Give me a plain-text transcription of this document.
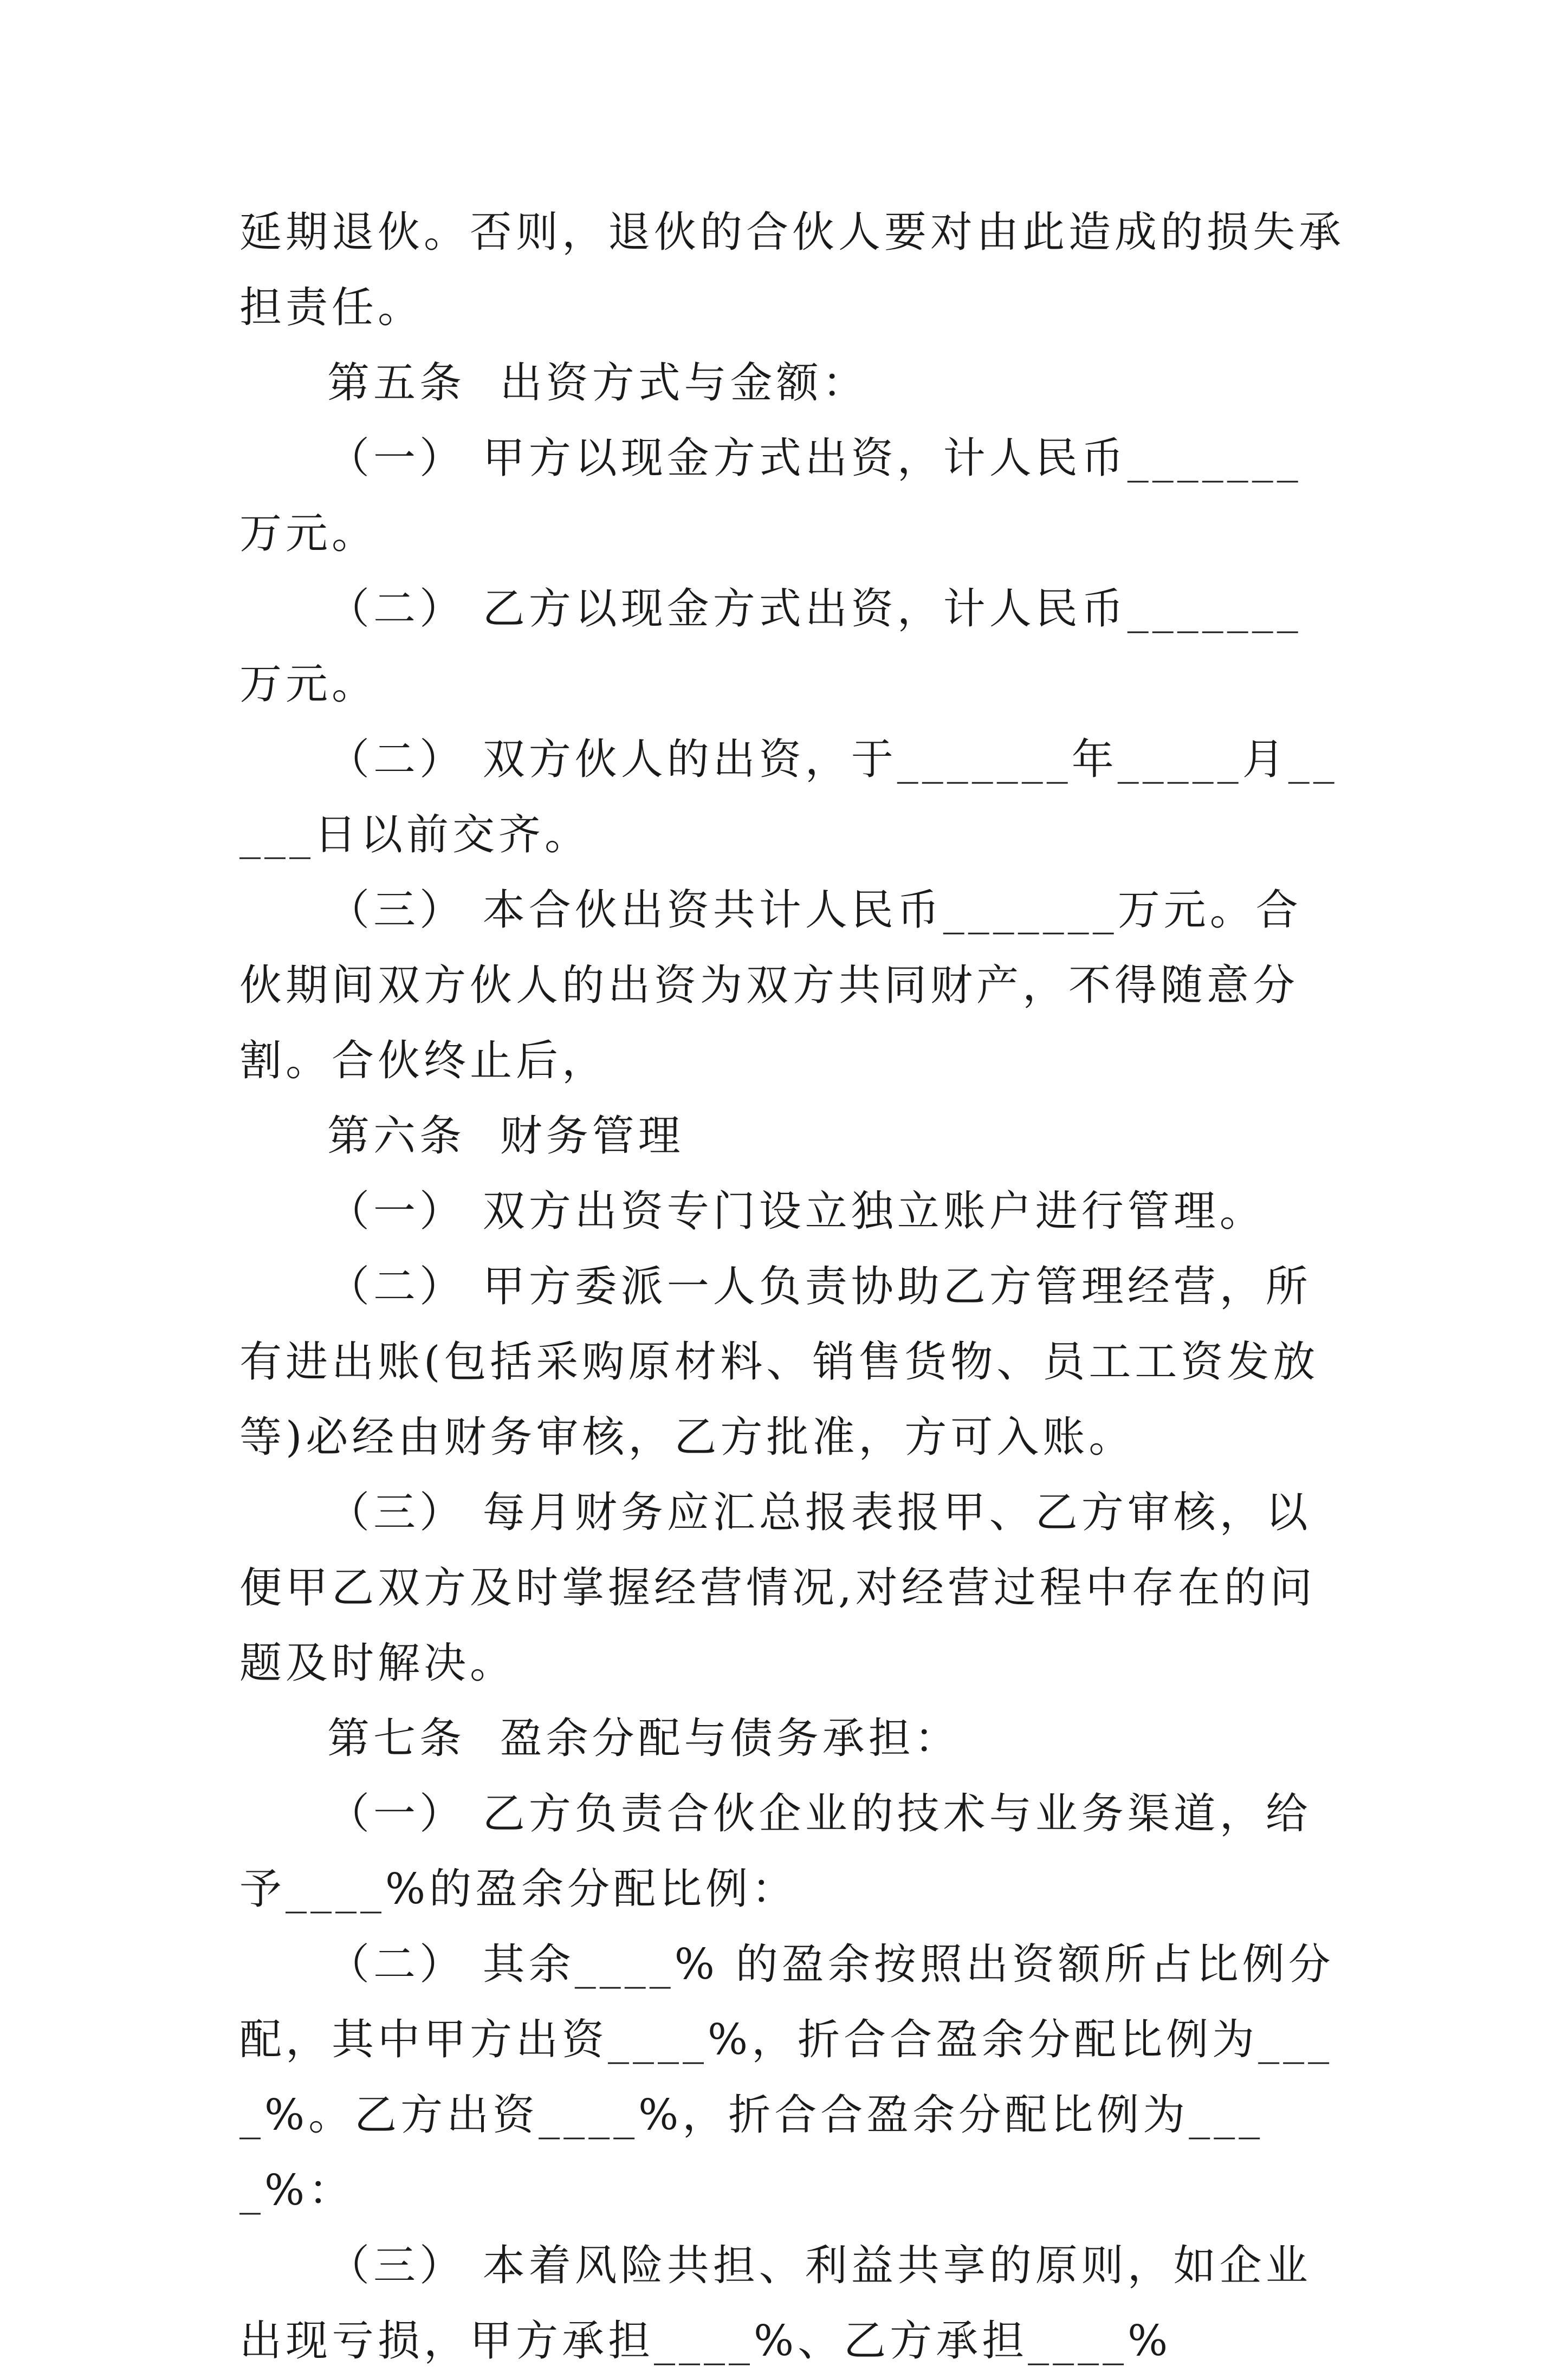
延期退伙。否则，退伙的合伙人要对由此造成的损失承担责任。

第五条  出资方式与金额：

（一） 甲方以现金方式出资，计人民币_______万元。

（二） 乙方以现金方式出资，计人民币_______万元。

（二） 双方伙人的出资，于_______年_____月_____日以前交齐。

（三） 本合伙出资共计人民币_______万元。合伙期间双方伙人的出资为双方共同财产，不得随意分割。合伙终止后，

第六条  财务管理

（一） 双方出资专门设立独立账户进行管理。

（二） 甲方委派一人负责协助乙方管理经营，所有进出账(包括采购原材料、销售货物、员工工资发放等)必经由财务审核，乙方批准，方可入账。

（三） 每月财务应汇总报表报甲、乙方审核，以便甲乙双方及时掌握经营情况,对经营过程中存在的问题及时解决。

第七条  盈余分配与债务承担：

（一） 乙方负责合伙企业的技术与业务渠道，给予____%的盈余分配比例：

（二） 其余____% 的盈余按照出资额所占比例分配，其中甲方出资____%，折合合盈余分配比例为____%。乙方出资____%，折合合盈余分配比例为____%：

（三） 本着风险共担、利益共享的原则，如企业出现亏损，甲方承担____%、乙方承担____%
